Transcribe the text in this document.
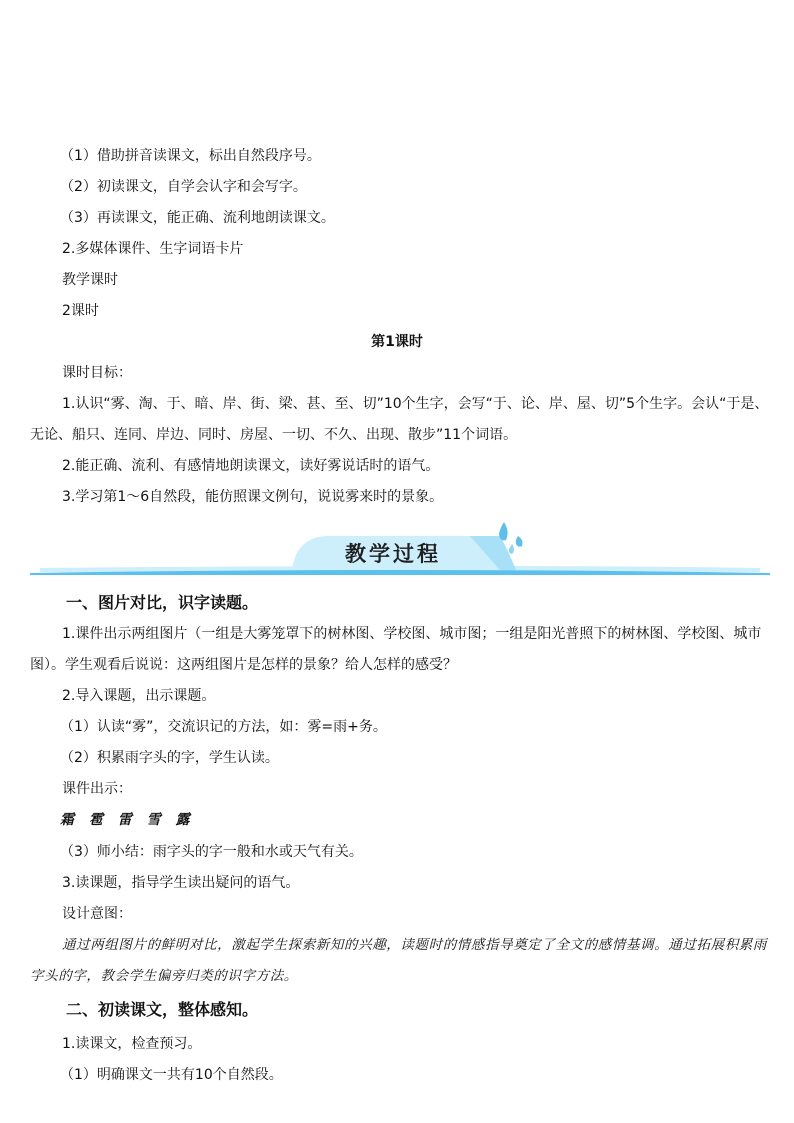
（1）借助拼音读课文，标出自然段序号。
（2）初读课文，自学会认字和会写字。
（3）再读课文，能正确、流利地朗读课文。
2.多媒体课件、生字词语卡片
教学课时
2课时
第1课时
课时目标：
1.认识“雾、淘、于、暗、岸、街、梁、甚、至、切”10个生字，会写“于、论、岸、屋、切”5个生字。会认“于是、无论、船只、连同、岸边、同时、房屋、一切、不久、出现、散步”11个词语。
2.能正确、流利、有感情地朗读课文，读好雾说话时的语气。
3.学习第1～6自然段，能仿照课文例句，说说雾来时的景象。
教学过程
一、图片对比，识字读题。
1.课件出示两组图片（一组是大雾笼罩下的树林图、学校图、城市图；一组是阳光普照下的树林图、学校图、城市图）。学生观看后说说：这两组图片是怎样的景象？给人怎样的感受？
2.导入课题，出示课题。
（1）认读“雾”，交流识记的方法，如：雾=雨+务。
（2）积累雨字头的字，学生认读。
课件出示：
霜 雹 雷 雪 露
（3）师小结：雨字头的字一般和水或天气有关。
3.读课题，指导学生读出疑问的语气。
设计意图：
通过两组图片的鲜明对比，激起学生探索新知的兴趣，读题时的情感指导奠定了全文的感情基调。通过拓展积累雨字头的字，教会学生偏旁归类的识字方法。
二、初读课文，整体感知。
1.读课文，检查预习。
（1）明确课文一共有10个自然段。
